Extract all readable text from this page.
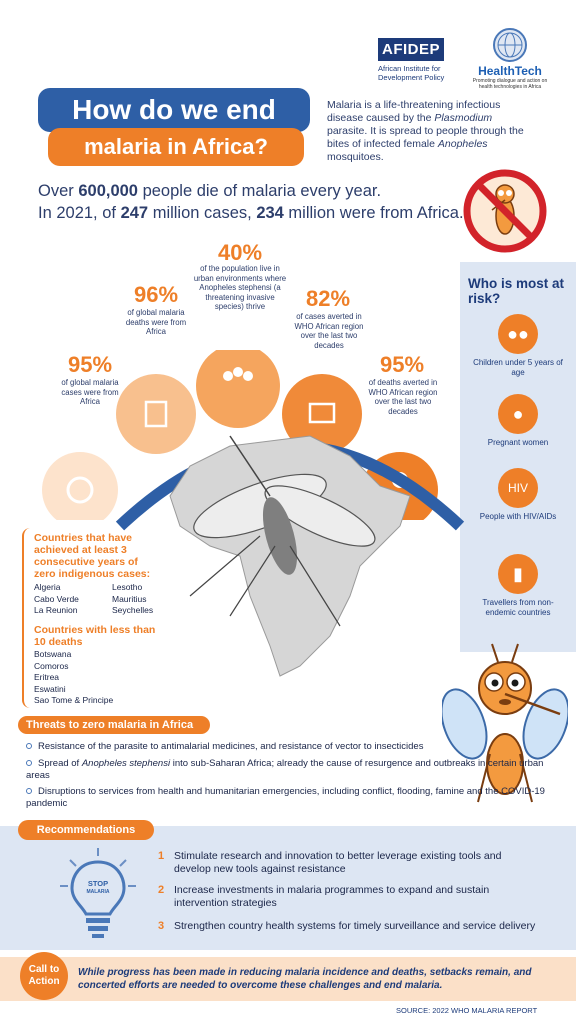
AFIDEP
African Institute for Development Policy	HealthTech
Promoting dialogue and action on health technologies in Africa
How do we end
malaria in Africa?
Malaria is a life-threatening infectious disease caused by the Plasmodium parasite. It is spread to people through the bites of infected female Anopheles mosquitoes.
Over 600,000 people die of malaria every year.
In 2021, of 247 million cases, 234 million were from Africa.
Who is most at risk?
●●
Children under 5 years of age
●
Pregnant women
HIV
People with HIV/AIDs
▮
Travellers from non-endemic countries
95%
of global malaria cases were from Africa
96%
of global malaria deaths were from Africa
40%
of the population live in urban environments where Anopheles stephensi (a threatening invasive species) thrive	82%
of cases averted in WHO African region over the last two decades
95%
of deaths averted in WHO African region over the last two decades
Countries that have achieved at least 3 consecutive years of zero indigenous cases:
Algeria
Cabo Verde
La Reunion
Lesotho
Mauritius
Seychelles
Countries with less than 10 deaths
Botswana
Comoros
Eritrea
Eswatini
Sao Tome & Principe
Threats to zero malaria in Africa
Resistance of the parasite to antimalarial medicines, and resistance of vector to insecticides
Spread of Anopheles stephensi into sub-Saharan Africa; already the cause of resurgence and outbreaks in certain urban areas
Disruptions to services from health and humanitarian emergencies, including conflict, flooding, famine and the COVID-19 pandemic
Recommendations
STOP
MALARIA
1 Stimulate research and innovation to better leverage existing tools and develop new tools against resistance
2 Increase investments in malaria programmes to expand and sustain intervention strategies
3 Strengthen country health systems for timely surveillance and service delivery
Call to Action
While progress has been made in reducing malaria incidence and deaths, setbacks remain, and concerted efforts are needed to overcome these challenges and end malaria.
SOURCE: 2022 WHO MALARIA REPORT
